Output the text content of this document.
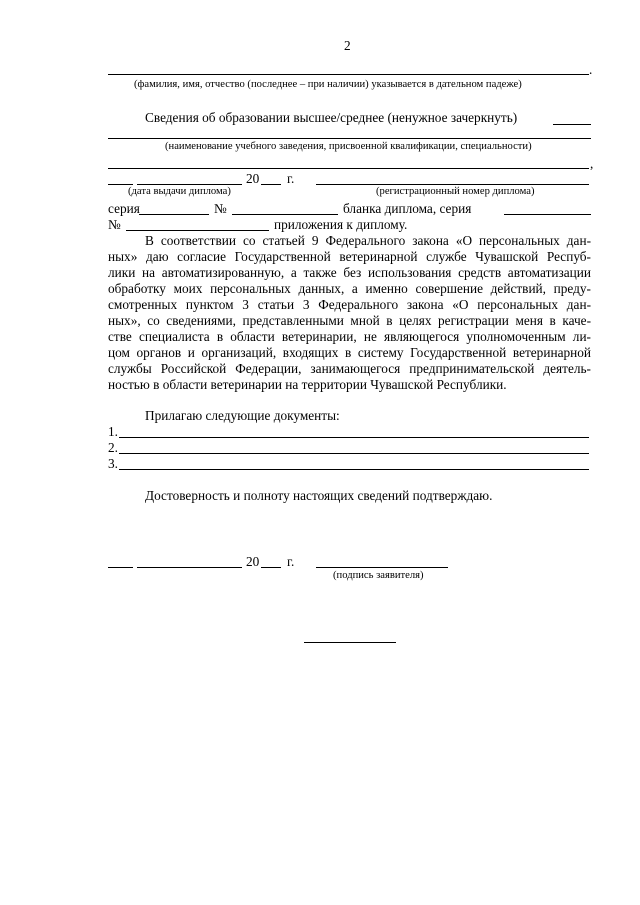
2
.
(фамилия, имя, отчество (последнее – при наличии) указывается в дательном падеже)
Сведения об образовании высшее/среднее (ненужное зачеркнуть)
(наименование учебного заведения, присвоенной квалификации, специальности)
,
20 г.
(дата выдачи диплома)	(регистрационный номер диплома)
серия	№	бланка диплома, серия
№	приложения к диплому.
В соответствии со статьей 9 Федерального закона «О персональных дан-
ных» даю согласие Государственной ветеринарной службе Чувашской Респуб-
лики на автоматизированную, а также без использования средств автоматизации
обработку моих персональных данных, а именно совершение действий, преду-
смотренных пунктом 3 статьи 3 Федерального закона «О персональных дан-
ных», со сведениями, представленными мной в целях регистрации меня в каче-
стве специалиста в области ветеринарии, не являющегося уполномоченным ли-
цом органов и организаций, входящих в систему Государственной ветеринарной
службы Российской Федерации, занимающегося предпринимательской деятель-
ностью в области ветеринарии на территории Чувашской Республики.
Прилагаю следующие документы:
1.
2.
3.
Достоверность и полноту настоящих сведений подтверждаю.
20 г.
(подпись заявителя)
